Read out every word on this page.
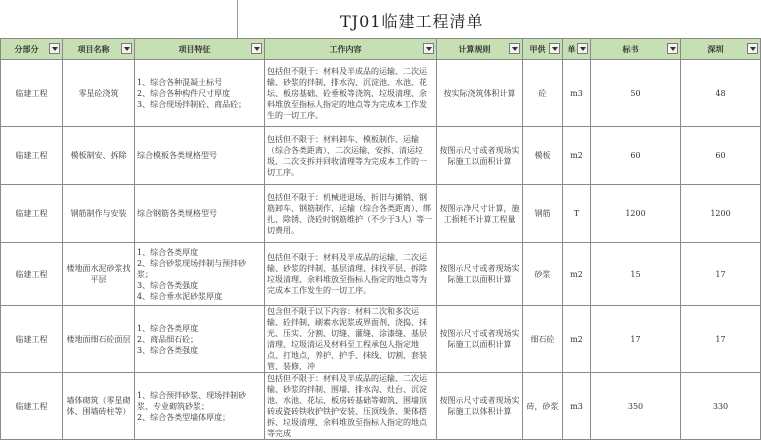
TJ01临建工程清单
分部分	项目名称	项目特征	工作内容	计算规则	甲供	单	标书	深圳

临建工程	零星砼浇筑	1、综合各种混凝土标号
2、综合各种构件尺寸厚度
3、综合现场拌制砼、商品砼；	包括但不限于：材料及半成品的运输、二次运输、砂浆的拌制、排水沟、沉淀池、水池、花坛、板房基础、砼垂板等浇筑、垃圾清理、余料堆放至指标人指定的地点等为完成本工作发生的一切工序。	按实际浇筑体积计算	砼	m3	50	48

临建工程	模板制安、拆除	综合模板各类规格型号	包括但不限于：材料卸车、模板制作、运输（综合各类距离）、二次运输、安拆、清运垃圾、二次支拆并回收清理等为完成本工作的一切工序。	按图示尺寸或者现场实际施工以面积计算	模板	m2	60	60

临建工程	钢筋制作与安装	综合钢筋各类规格型号	包括但不限于：机械进退场、折旧与摊销、钢筋卸车、钢筋制作、运输（综合各类距离）、绑扎、除锈、浇砼时钢筋维护（不少于3人）等一切费用。	按图示净尺寸计算，施工损耗不计算工程量	钢筋	T	1200	1200

临建工程	楼地面水泥砂浆找平层	1、综合各类厚度
2、综合砂浆现场拌制与预拌砂浆；
3、综合各类强度
4、综合垂水泥砂浆厚度	包括但不限于：材料及半成品的运输、二次运输、砂浆的拌制、基层清理、抹找平层、拆除垃圾清理、余料堆放至指标人指定的地点等为完成本工作发生的一切工序。	按图示尺寸或者现场实际施工以面积计算	砂浆	m2	15	17

临建工程	楼地面细石砼面层	1、综合各类厚度
2、商品细石砼；
3、综合各类强度	包含但不限于以下内容：材料二次和多次运输、砼拌制、刷素水泥浆或界面剂、浇捣、抹光、压实、分割、切缝、灌缝、涂漆缝、基层清理、垃圾清运及材料至工程承包人指定地点、打地点，养护、护手、抹线、切割、套装管、装修、冲	按图示尺寸或者现场实际施工以面积计算	细石砼	m2	17	17

临建工程	墙体砌筑（零星砌体、围墙砖柱等）	1、综合预拌砂浆、现场拌制砂浆、专业砌筑砂浆；
2、综合各类型墙体厚度；	包括但不限于：材料及半成品的运输、二次运输、砂浆的拌制、围墙、排水沟、灶台、沉淀池、水池、花坛、板房砖基础等砌筑、围墙顶砖或瓷砖铁收护铁护安装、压顶线条、架体搭拆、垃圾清理、余料堆放至指标人指定的地点等完成	按图示尺寸或者现场实际施工以体积计算	砖，砂浆	m3	350	330
